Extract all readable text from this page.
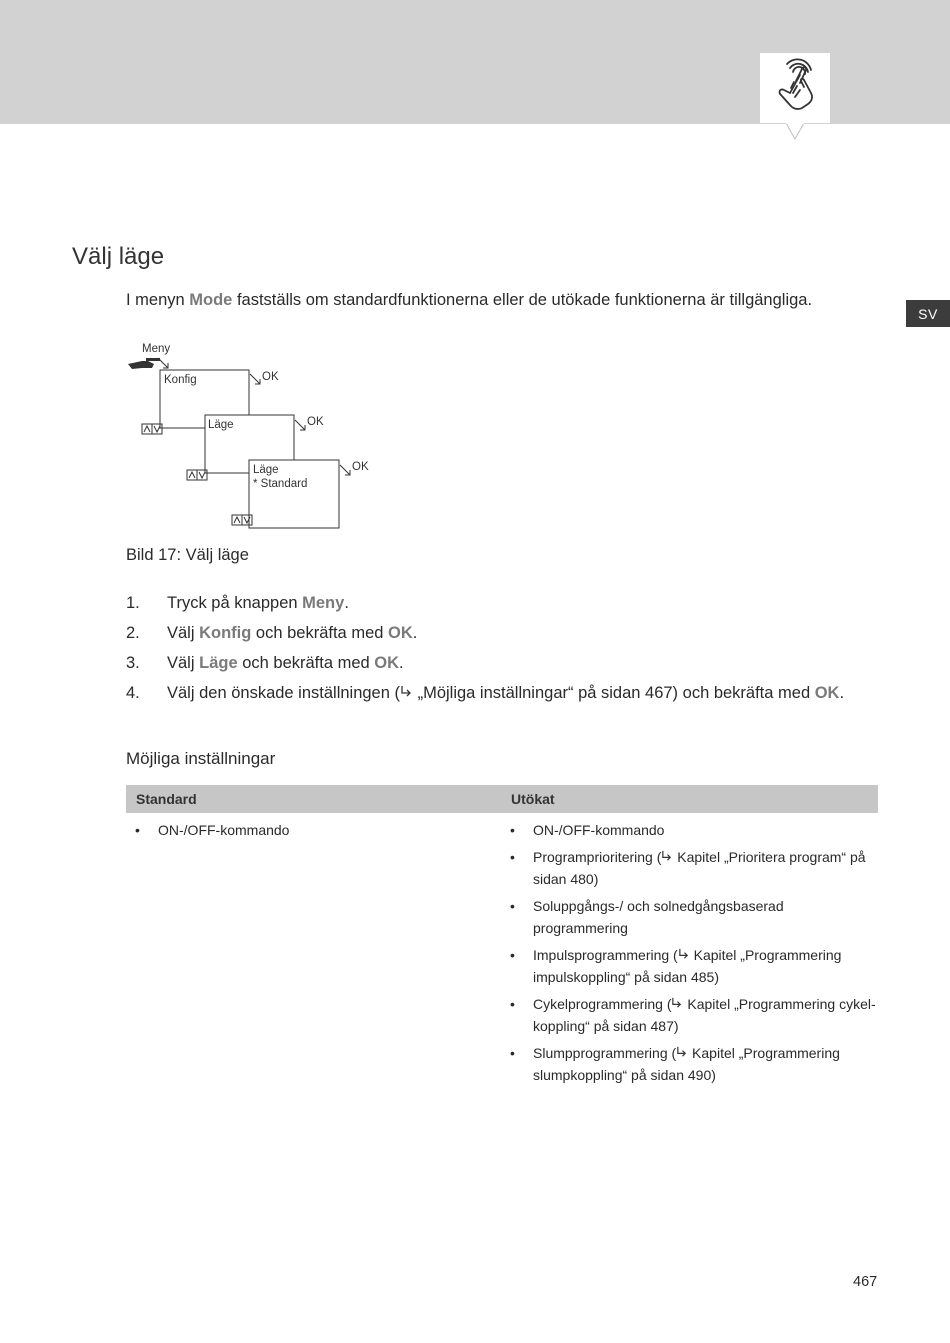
SV
Välj läge
I menyn Mode fastställs om standardfunktionerna eller de utökade funktionerna är tillgängliga.
Meny
Konfig	OK
Läge	OK
Läge
* Standard
OK
Bild 17: Välj läge
1.	Tryck på knappen Meny.
2.	Välj Konfig och bekräfta med OK.
3.	Välj Läge och bekräfta med OK.
4.	Välj den önskade inställningen ( „Möjliga inställningar“ på sidan 467) och bekräfta med OK.
Möjliga inställningar
Standard	Utökat
• ON-/OFF-kommando	• ON-/OFF-kommando
• Programprioritering ( Kapitel „Prioritera program“ på sidan 480)
• Soluppgångs-/ och solnedgångsbaserad programmering
• Impulsprogrammering ( Kapitel „Programmering impulskoppling“ på sidan 485)
• Cykelprogrammering ( Kapitel „Programmering cykel-koppling“ på sidan 487)
• Slumpprogrammering ( Kapitel „Programmering slumpkoppling“ på sidan 490)
467
